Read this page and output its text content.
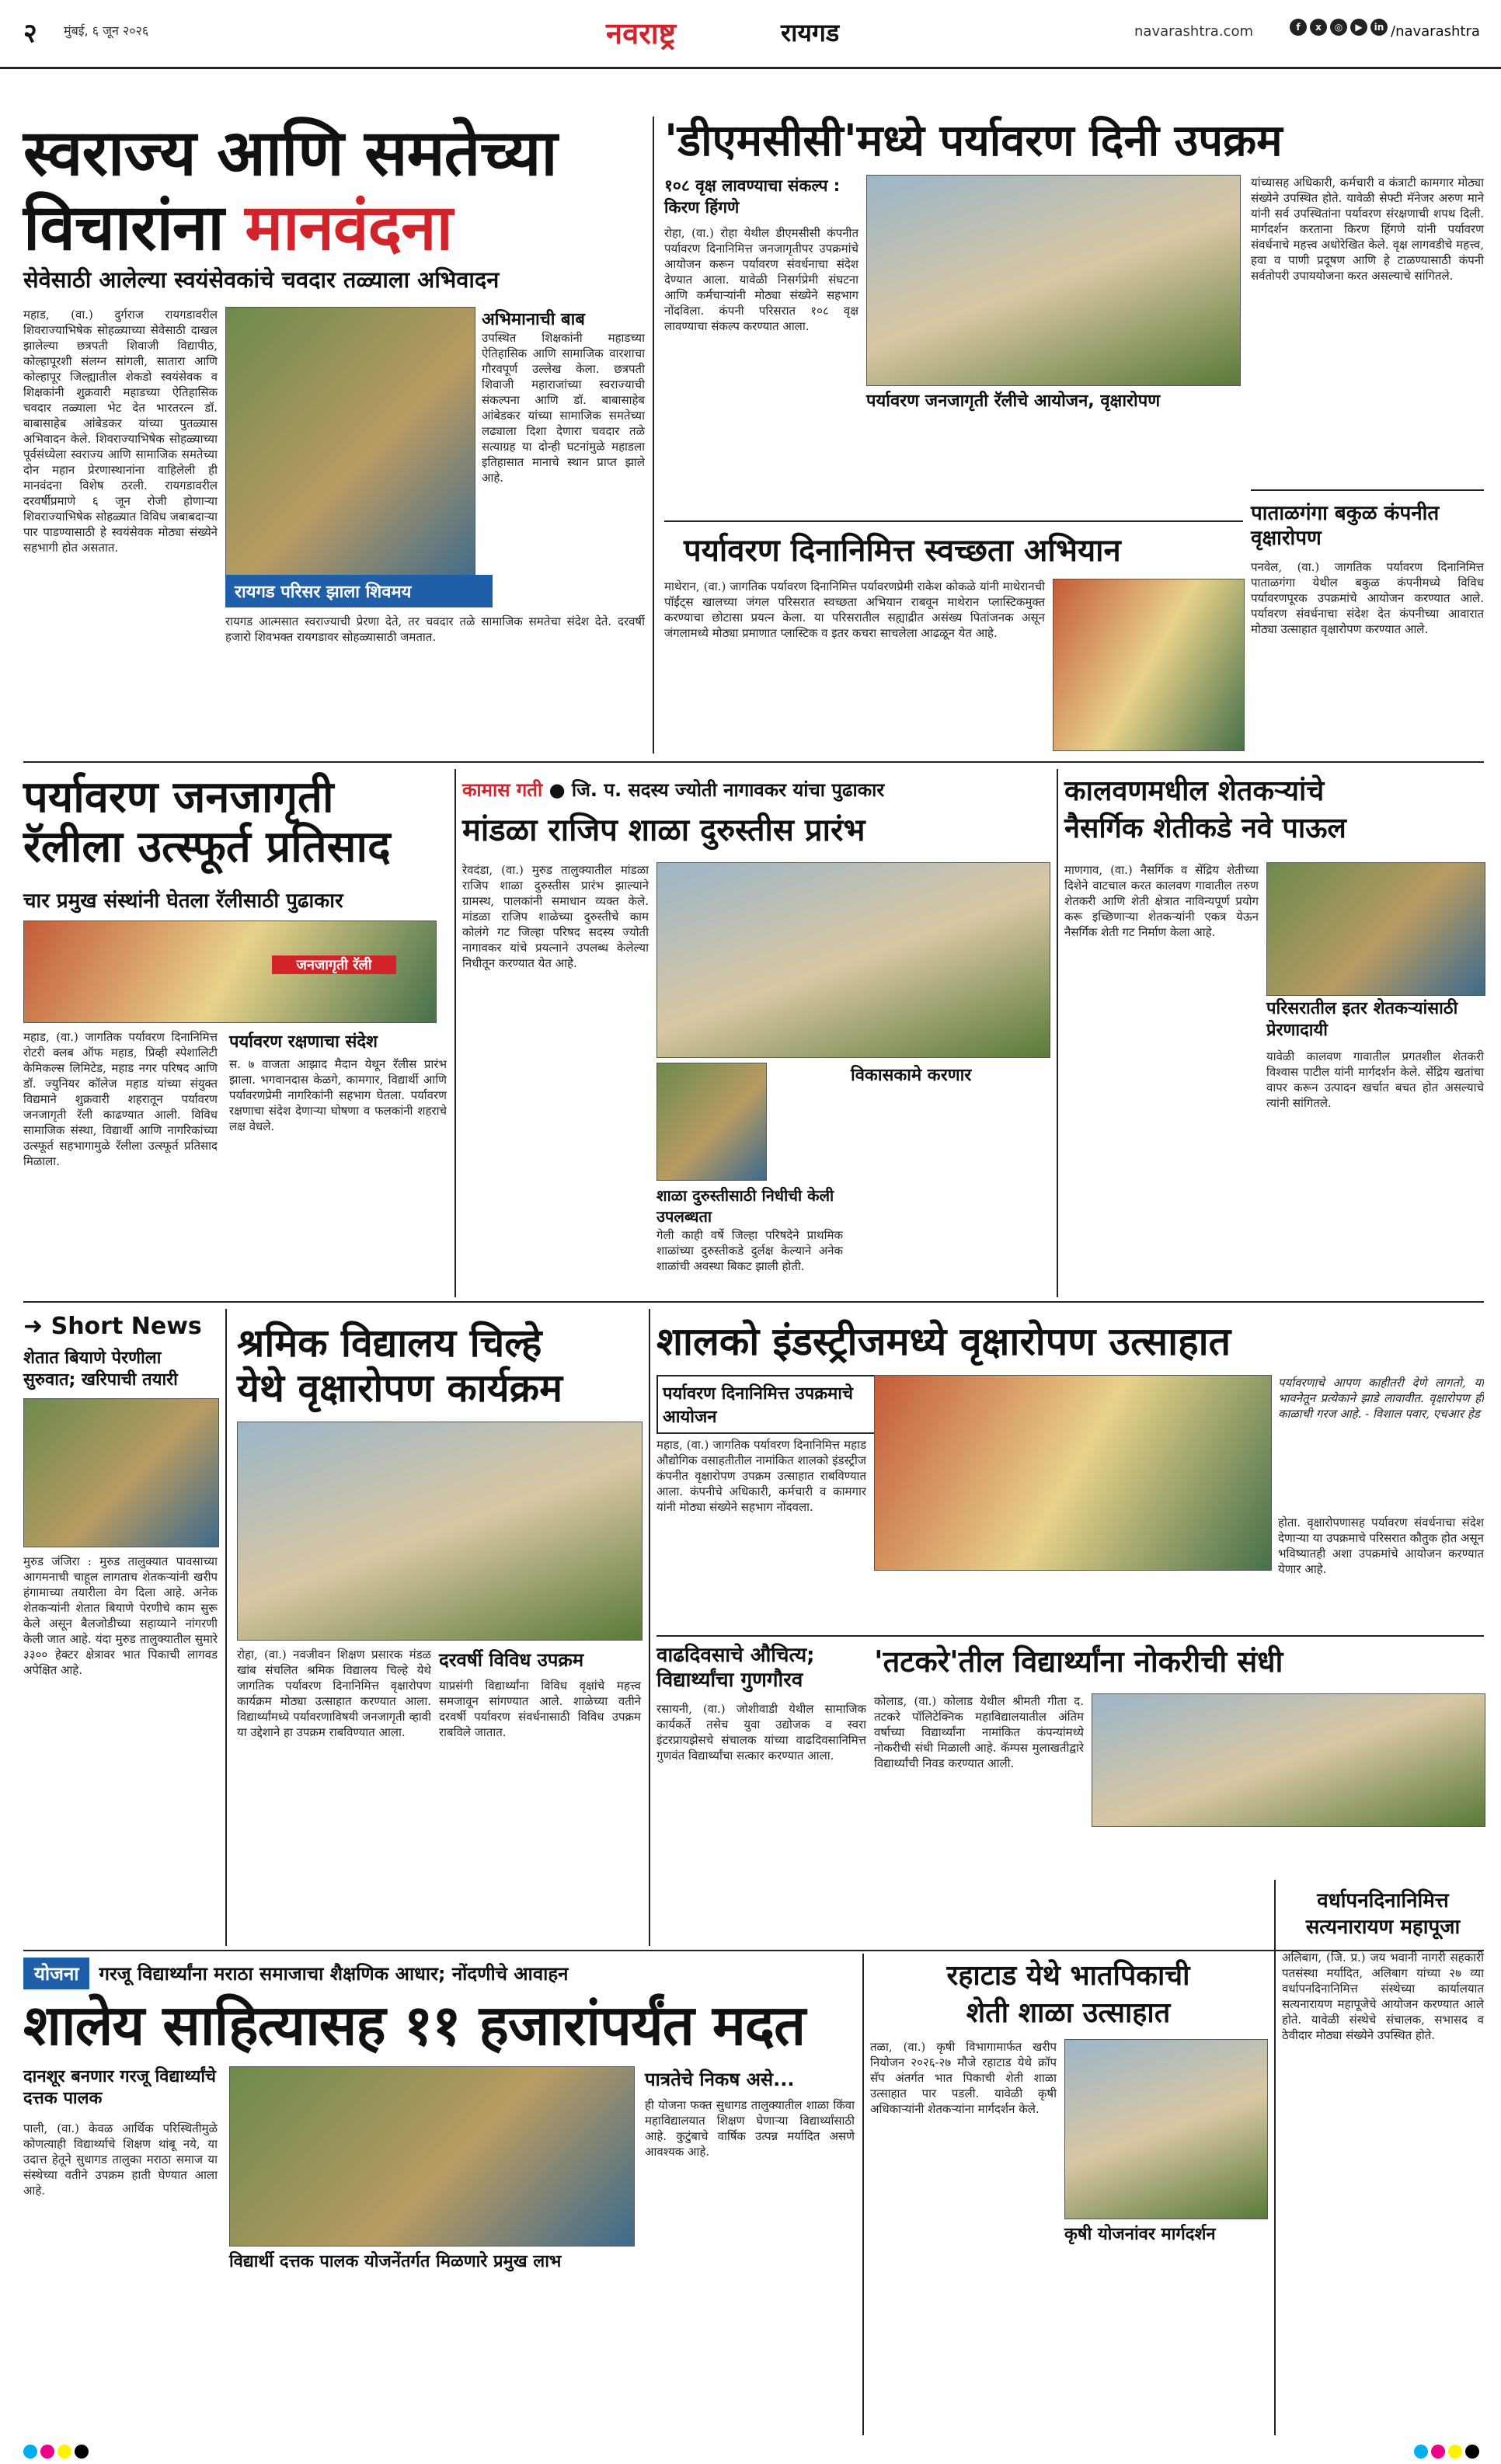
२ मुंबई, ६ जून २०२६	नवराष्ट्र	रायगड	navarashtra.com	f	x	◎	▶	in /navarashtra
स्वराज्य आणि समतेच्या
विचारांना मानवंदना
सेवेसाठी आलेल्या स्वयंसेवकांचे चवदार तळ्याला अभिवादन
महाड, (वा.) दुर्गराज रायगडावरील शिवराज्याभिषेक सोहळ्याच्या सेवेसाठी दाखल झालेल्या छत्रपती शिवाजी विद्यापीठ, कोल्हापूरशी संलग्न सांगली, सातारा आणि कोल्हापूर जिल्ह्यातील शेकडो स्वयंसेवक व शिक्षकांनी शुक्रवारी महाडच्या ऐतिहासिक चवदार तळ्याला भेट देत भारतरत्न डॉ. बाबासाहेब आंबेडकर यांच्या पुतळ्यास अभिवादन केले. शिवराज्याभिषेक सोहळ्याच्या पूर्वसंध्येला स्वराज्य आणि सामाजिक समतेच्या दोन महान प्रेरणास्थानांना वाहिलेली ही मानवंदना विशेष ठरली. रायगडावरील दरवर्षीप्रमाणे ६ जून रोजी होणाऱ्या शिवराज्याभिषेक सोहळ्यात विविध जबाबदाऱ्या पार पाडण्यासाठी हे स्वयंसेवक मोठ्या संख्येने सहभागी होत असतात.
अभिमानाची बाब
उपस्थित शिक्षकांनी महाडच्या ऐतिहासिक आणि सामाजिक वारशाचा गौरवपूर्ण उल्लेख केला. छत्रपती शिवाजी महाराजांच्या स्वराज्याची संकल्पना आणि डॉ. बाबासाहेब आंबेडकर यांच्या सामाजिक समतेच्या लढ्याला दिशा देणारा चवदार तळे सत्याग्रह या दोन्ही घटनांमुळे महाडला इतिहासात मानाचे स्थान प्राप्त झाले आहे.
रायगड परिसर झाला शिवमय
रायगड आत्मसात स्वराज्याची प्रेरणा देते, तर चवदार तळे सामाजिक समतेचा संदेश देते. दरवर्षी हजारो शिवभक्त रायगडावर सोहळ्यासाठी जमतात.
'डीएमसीसी'मध्ये पर्यावरण दिनी उपक्रम
१०८ वृक्ष लावण्याचा संकल्प : किरण हिंगणे
रोहा, (वा.) रोहा येथील डीएमसीसी कंपनीत पर्यावरण दिनानिमित्त जनजागृतीपर उपक्रमांचे आयोजन करून पर्यावरण संवर्धनाचा संदेश देण्यात आला. यावेळी निसर्गप्रेमी संघटना आणि कर्मचाऱ्यांनी मोठ्या संख्येने सहभाग नोंदविला. कंपनी परिसरात १०८ वृक्ष लावण्याचा संकल्प करण्यात आला.
पर्यावरण जनजागृती रॅलीचे आयोजन, वृक्षारोपण
यांच्यासह अधिकारी, कर्मचारी व कंत्राटी कामगार मोठ्या संख्येने उपस्थित होते. यावेळी सेफ्टी मॅनेजर अरुण माने यांनी सर्व उपस्थितांना पर्यावरण संरक्षणाची शपथ दिली. मार्गदर्शन करताना किरण हिंगणे यांनी पर्यावरण संवर्धनाचे महत्त्व अधोरेखित केले. वृक्ष लागवडीचे महत्त्व, हवा व पाणी प्रदूषण आणि हे टाळण्यासाठी कंपनी सर्वतोपरी उपाययोजना करत असल्याचे सांगितले.
पर्यावरण दिनानिमित्त स्वच्छता अभियान
माथेरान, (वा.) जागतिक पर्यावरण दिनानिमित्त पर्यावरणप्रेमी राकेश कोकळे यांनी माथेरानची पॉईंट्स खालच्या जंगल परिसरात स्वच्छता अभियान राबवून माथेरान प्लास्टिकमुक्त करण्याचा छोटासा प्रयत्न केला. या परिसरातील सह्याद्रीत असंख्य पितांजनक असून जंगलामध्ये मोठ्या प्रमाणात प्लास्टिक व इतर कचरा साचलेला आढळून येत आहे.
पाताळगंगा बकुळ कंपनीत वृक्षारोपण
पनवेल, (वा.) जागतिक पर्यावरण दिनानिमित्त पाताळगंगा येथील बकुळ कंपनीमध्ये विविध पर्यावरणपूरक उपक्रमांचे आयोजन करण्यात आले. पर्यावरण संवर्धनाचा संदेश देत कंपनीच्या आवारात मोठ्या उत्साहात वृक्षारोपण करण्यात आले.
पर्यावरण जनजागृती
रॅलीला उत्स्फूर्त प्रतिसाद
चार प्रमुख संस्थांनी घेतला रॅलीसाठी पुढाकार
जनजागृती रॅली
महाड, (वा.) जागतिक पर्यावरण दिनानिमित्त रोटरी क्लब ऑफ महाड, प्रिव्ही स्पेशालिटी केमिकल्स लिमिटेड, महाड नगर परिषद आणि डॉ. ज्युनियर कॉलेज महाड यांच्या संयुक्त विद्यमाने शुक्रवारी शहरातून पर्यावरण जनजागृती रॅली काढण्यात आली. विविध सामाजिक संस्था, विद्यार्थी आणि नागरिकांच्या उत्स्फूर्त सहभागामुळे रॅलीला उत्स्फूर्त प्रतिसाद मिळाला.
पर्यावरण रक्षणाचा संदेश
स. ७ वाजता आझाद मैदान येथून रॅलीस प्रारंभ झाला. भगवानदास केळगे, कामगार, विद्यार्थी आणि पर्यावरणप्रेमी नागरिकांनी सहभाग घेतला. पर्यावरण रक्षणाचा संदेश देणाऱ्या घोषणा व फलकांनी शहराचे लक्ष वेधले.
कामास गती ● जि. प. सदस्य ज्योती नागावकर यांचा पुढाकार
मांडळा राजिप शाळा दुरुस्तीस प्रारंभ
रेवदंडा, (वा.) मुरुड तालुक्यातील मांडळा राजिप शाळा दुरुस्तीस प्रारंभ झाल्याने ग्रामस्थ, पालकांनी समाधान व्यक्त केले. मांडळा राजिप शाळेच्या दुरुस्तीचे काम कोलंगे गट जिल्हा परिषद सदस्य ज्योती नागावकर यांचे प्रयत्नाने उपलब्ध केलेल्या निधीतून करण्यात येत आहे.
शाळा दुरुस्तीसाठी निधीची केली उपलब्धता
गेली काही वर्षे जिल्हा परिषदेने प्राथमिक शाळांच्या दुरुस्तीकडे दुर्लक्ष केल्याने अनेक शाळांची अवस्था बिकट झाली होती.
विकासकामे करणार
कालवणमधील शेतकऱ्यांचे
नैसर्गिक शेतीकडे नवे पाऊल
माणगाव, (वा.) नैसर्गिक व सेंद्रिय शेतीच्या दिशेने वाटचाल करत कालवण गावातील तरुण शेतकरी आणि शेती क्षेत्रात नाविन्यपूर्ण प्रयोग करू इच्छिणाऱ्या शेतकऱ्यांनी एकत्र येऊन नैसर्गिक शेती गट निर्माण केला आहे.
परिसरातील इतर शेतकऱ्यांसाठी प्रेरणादायी
यावेळी कालवण गावातील प्रगतशील शेतकरी विश्वास पाटील यांनी मार्गदर्शन केले. सेंद्रिय खतांचा वापर करून उत्पादन खर्चात बचत होत असल्याचे त्यांनी सांगितले.
➜ Short News
शेतात बियाणे पेरणीला सुरुवात; खरिपाची तयारी
मुरुड जंजिरा : मुरुड तालुक्यात पावसाच्या आगमनाची चाहूल लागताच शेतकऱ्यांनी खरीप हंगामाच्या तयारीला वेग दिला आहे. अनेक शेतकऱ्यांनी शेतात बियाणे पेरणीचे काम सुरू केले असून बैलजोडीच्या सहाय्याने नांगरणी केली जात आहे. यंदा मुरुड तालुक्यातील सुमारे ३३०० हेक्टर क्षेत्रावर भात पिकाची लागवड अपेक्षित आहे.
श्रमिक विद्यालय चिल्हे
येथे वृक्षारोपण कार्यक्रम
रोहा, (वा.) नवजीवन शिक्षण प्रसारक मंडळ खांब संचलित श्रमिक विद्यालय चिल्हे येथे जागतिक पर्यावरण दिनानिमित्त वृक्षारोपण कार्यक्रम मोठ्या उत्साहात करण्यात आला. विद्यार्थ्यांमध्ये पर्यावरणाविषयी जनजागृती व्हावी या उद्देशाने हा उपक्रम राबविण्यात आला.
दरवर्षी विविध उपक्रम
याप्रसंगी विद्यार्थ्यांना विविध वृक्षांचे महत्त्व समजावून सांगण्यात आले. शाळेच्या वतीने दरवर्षी पर्यावरण संवर्धनासाठी विविध उपक्रम राबविले जातात.
शालको इंडस्ट्रीजमध्ये वृक्षारोपण उत्साहात
पर्यावरण दिनानिमित्त उपक्रमाचे आयोजन
महाड, (वा.) जागतिक पर्यावरण दिनानिमित्त महाड औद्योगिक वसाहतीतील नामांकित शालको इंडस्ट्रीज कंपनीत वृक्षारोपण उपक्रम उत्साहात राबविण्यात आला. कंपनीचे अधिकारी, कर्मचारी व कामगार यांनी मोठ्या संख्येने सहभाग नोंदवला.
पर्यावरणाचे आपण काहीतरी देणे लागतो, या भावनेतून प्रत्येकाने झाडे लावावीत. वृक्षारोपण ही काळाची गरज आहे. - विशाल पवार, एचआर हेड
होता. वृक्षारोपणासह पर्यावरण संवर्धनाचा संदेश देणाऱ्या या उपक्रमाचे परिसरात कौतुक होत असून भविष्यातही अशा उपक्रमांचे आयोजन करण्यात येणार आहे.
वाढदिवसाचे औचित्य;
विद्यार्थ्यांचा गुणगौरव
रसायनी, (वा.) जोशीवाडी येथील सामाजिक कार्यकर्ते तसेच युवा उद्योजक व स्वरा इंटरप्रायझेसचे संचालक यांच्या वाढदिवसानिमित्त गुणवंत विद्यार्थ्यांचा सत्कार करण्यात आला.
'तटकरे'तील विद्यार्थ्यांना नोकरीची संधी
कोलाड, (वा.) कोलाड येथील श्रीमती गीता द. तटकरे पॉलिटेक्निक महाविद्यालयातील अंतिम वर्षाच्या विद्यार्थ्यांना नामांकित कंपन्यांमध्ये नोकरीची संधी मिळाली आहे. कॅम्पस मुलाखतीद्वारे विद्यार्थ्यांची निवड करण्यात आली.
योजना	गरजू विद्यार्थ्यांना मराठा समाजाचा शैक्षणिक आधार; नोंदणीचे आवाहन
शालेय साहित्यासह ११ हजारांपर्यंत मदत
दानशूर बनणार गरजू विद्यार्थ्यांचे दत्तक पालक
पाली, (वा.) केवळ आर्थिक परिस्थितीमुळे कोणत्याही विद्यार्थ्याचे शिक्षण थांबू नये, या उदात्त हेतूने सुधागड तालुका मराठा समाज या संस्थेच्या वतीने उपक्रम हाती घेण्यात आला आहे.
विद्यार्थी दत्तक पालक योजनेंतर्गत मिळणारे प्रमुख लाभ
पात्रतेचे निकष असे...
ही योजना फक्त सुधागड तालुक्यातील शाळा किंवा महाविद्यालयात शिक्षण घेणाऱ्या विद्यार्थ्यांसाठी आहे. कुटुंबाचे वार्षिक उत्पन्न मर्यादित असणे आवश्यक आहे.
रहाटाड येथे भातपिकाची
शेती शाळा उत्साहात
तळा, (वा.) कृषी विभागामार्फत खरीप नियोजन २०२६-२७ मौजे रहाटाड येथे क्रॉप सॅप अंतर्गत भात पिकाची शेती शाळा उत्साहात पार पडली. यावेळी कृषी अधिकाऱ्यांनी शेतकऱ्यांना मार्गदर्शन केले.
कृषी योजनांवर मार्गदर्शन
वर्धापनदिनानिमित्त
सत्यनारायण महापूजा
अलिबाग, (जि. प्र.) जय भवानी नागरी सहकारी पतसंस्था मर्यादित, अलिबाग यांच्या २७ व्या वर्धापनदिनानिमित्त संस्थेच्या कार्यालयात सत्यनारायण महापूजेचे आयोजन करण्यात आले होते. यावेळी संस्थेचे संचालक, सभासद व ठेवीदार मोठ्या संख्येने उपस्थित होते.
